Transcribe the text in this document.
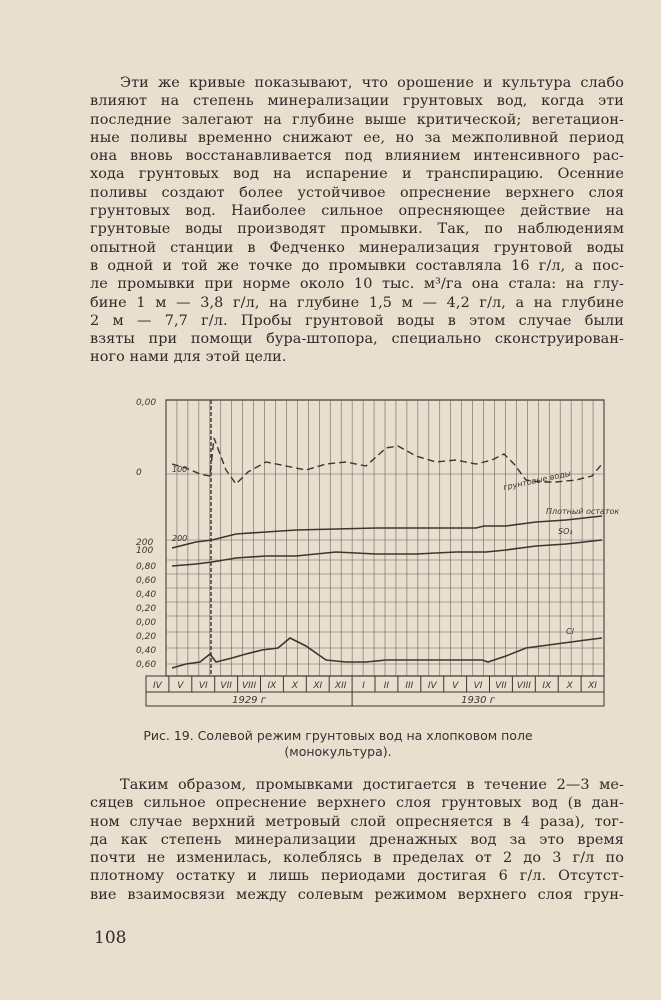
Эти же кривые показывают, что орошение и культура слабо
влияют на степень минерализации грунтовых вод, когда эти
последние залегают на глубине выше критической; вегетацион-
ные поливы временно снижают ее, но за межполивной период
она вновь восстанавливается под влиянием интенсивного рас-
хода грунтовых вод на испарение и транспирацию. Осенние
поливы создают более устойчивое опреснение верхнего слоя
грунтовых вод. Наиболее сильное опресняющее действие на
грунтовые воды производят промывки. Так, по наблюдениям
опытной станции в Федченко минерализация грунтовой воды
в одной и той же точке до промывки составляла 16 г/л, а пос-
ле промывки при норме около 10 тыс. м³/га она стала: на глу-
бине 1 м — 3,8 г/л, на глубине 1,5 м — 4,2 г/л, а на глубине
2 м — 7,7 г/л. Пробы грунтовой воды в этом случае были
взяты при помощи бура-штопора, специально сконструирован-
ного нами для этой цели.
0,00
0
200
100
0,80
0,60
0,40
0,20
0,00
0,20
0,40
0,60
100
200
грунтовые воды
Плотный остаток
SO₃
Cl
IV V VI VII VIII IX X XI XII I II III IV V VI VII VIII IX X XI
1929 г	1930 г
Рис. 19. Солевой режим грунтовых вод на хлопковом поле (монокультура).
Таким образом, промывками достигается в течение 2—3 ме-
сяцев сильное опреснение верхнего слоя грунтовых вод (в дан-
ном случае верхний метровый слой опресняется в 4 раза), тог-
да как степень минерализации дренажных вод за это время
почти не изменилась, колеблясь в пределах от 2 до 3 г/л по
плотному остатку и лишь периодами достигая 6 г/л. Отсутст-
вие взаимосвязи между солевым режимом верхнего слоя грун-
108
